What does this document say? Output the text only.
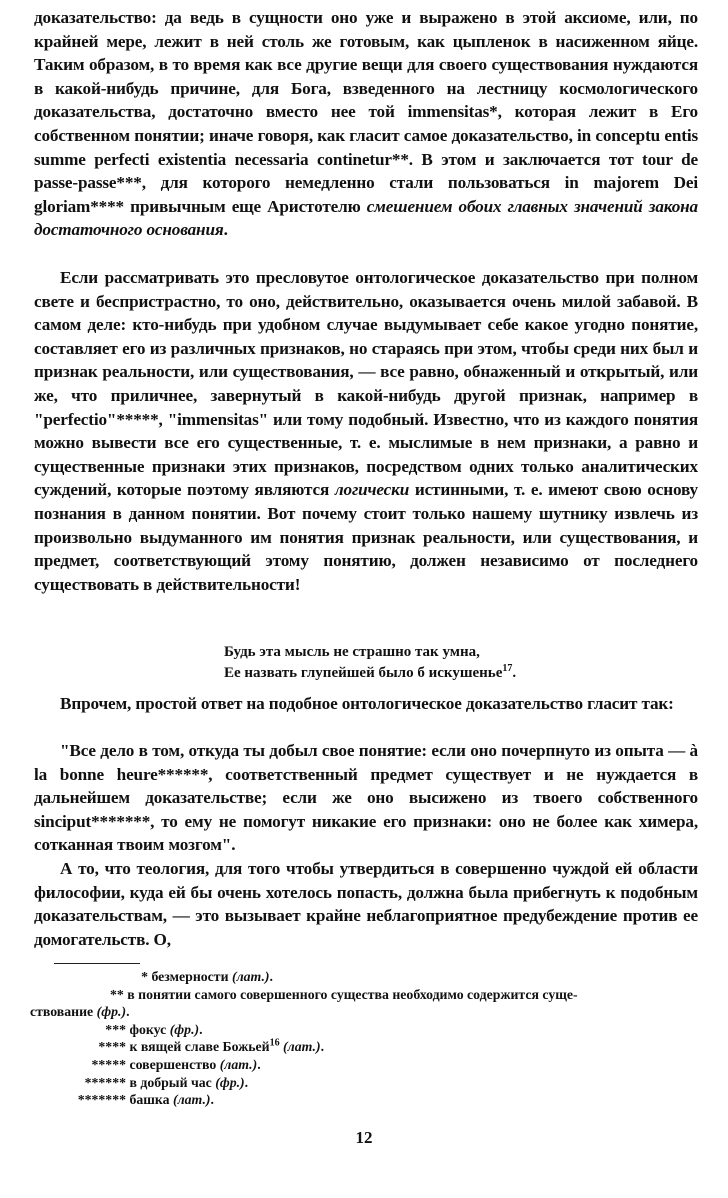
доказательство: да ведь в сущности оно уже и выражено в этой аксиоме, или, по крайней мере, лежит в ней столь же готовым, как цыпленок в насиженном яйце. Таким образом, в то время как все другие вещи для своего существования нуждаются в какой-нибудь причине, для Бога, взведенного на лестницу космологического доказательства, достаточно вместо нее той immensitas*, которая лежит в Его собственном понятии; иначе говоря, как гласит самое доказательство, in conceptu entis summe perfecti existentia necessaria continetur**. В этом и заключается тот tour de passe-passe***, для которого немедленно стали пользоваться in majorem Dei gloriam**** привычным еще Аристотелю смешением обоих главных значений закона достаточного основания.

Если рассматривать это пресловутое онтологическое доказательство при полном свете и беспристрастно, то оно, действительно, оказывается очень милой забавой. В самом деле: кто-нибудь при удобном случае выдумывает себе какое угодно понятие, составляет его из различных признаков, но стараясь при этом, чтобы среди них был и признак реальности, или существования, — все равно, обнаженный и открытый, или же, что приличнее, завернутый в какой-нибудь другой признак, например в "perfectio"*****, "immensitas" или тому подобный. Известно, что из каждого понятия можно вывести все его существенные, т. е. мыслимые в нем признаки, а равно и существенные признаки этих признаков, посредством одних только аналитических суждений, которые поэтому являются логически истинными, т. е. имеют свою основу познания в данном понятии. Вот почему стоит только нашему шутнику извлечь из произвольно выдуманного им понятия признак реальности, или существования, и предмет, соответствующий этому понятию, должен независимо от последнего существовать в действительности!

Будь эта мысль не страшно так умна,
Ее назвать глупейшей было б искушенье$^{17}$.

Впрочем, простой ответ на подобное онтологическое доказательство гласит так:

"Все дело в том, откуда ты добыл свое понятие: если оно почерпнуто из опыта — à la bonne heure******, соответственный предмет существует и не нуждается в дальнейшем доказательстве; если же оно высижено из твоего собственного sinciput*******, то ему не помогут никакие его признаки: оно не более как химера, сотканная твоим мозгом".

А то, что теология, для того чтобы утвердиться в совершенно чуждой ей области философии, куда ей бы очень хотелось попасть, должна была прибегнуть к подобным доказательствам, — это вызывает крайне неблагоприятное предубеждение против ее домогательств. О,

* безмерности (лат.).
** в понятии самого совершенного существа необходимо содержится суще-
ствование (фр.).
*** фокус (фр.).
**** к вящей славе Божьей$^{16}$ (лат.).
***** совершенство (лат.).
****** в добрый час (фр.).
******* башка (лат.).
12
